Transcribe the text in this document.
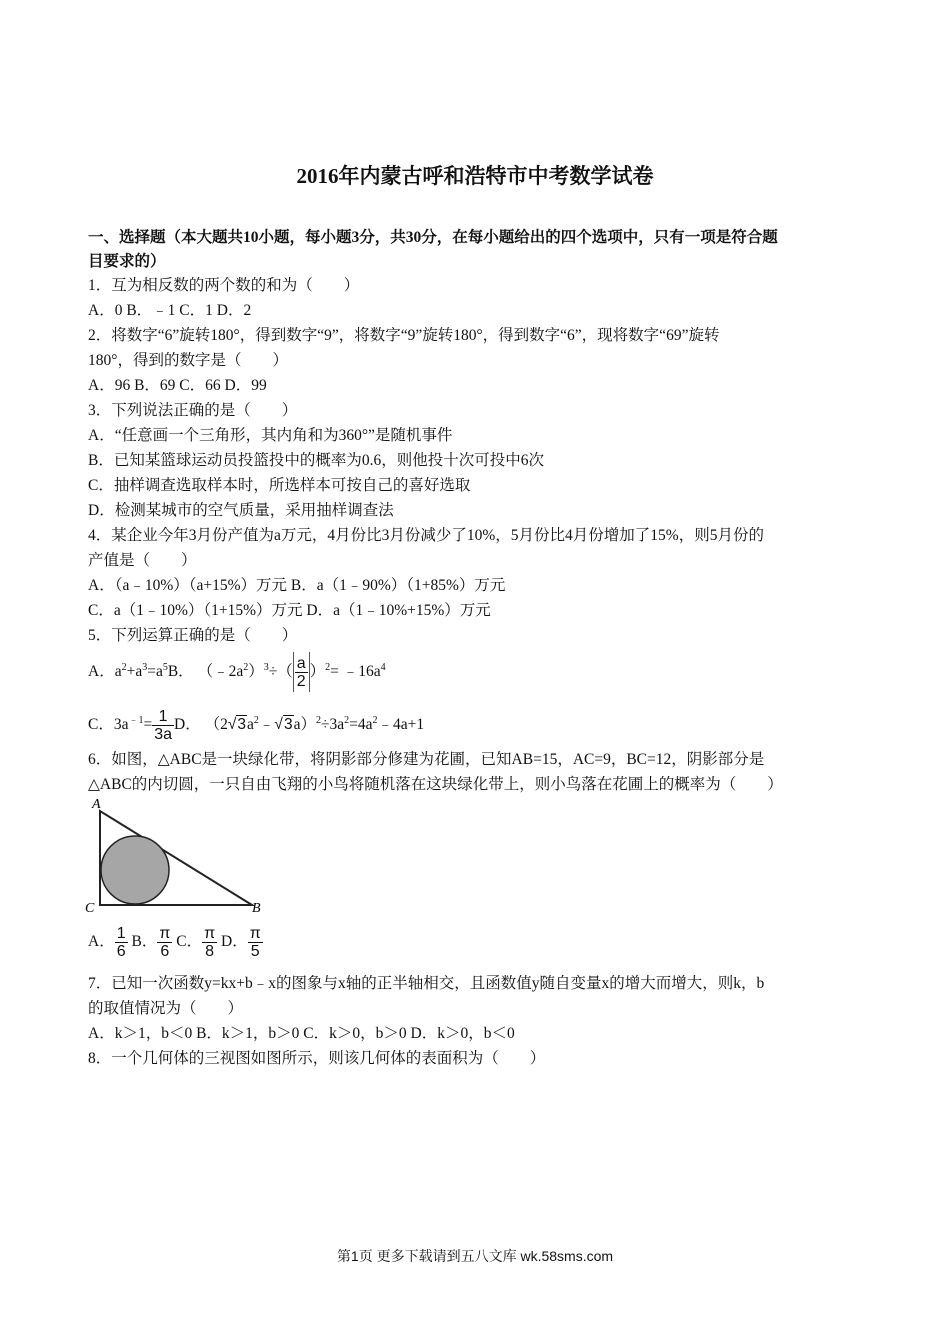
2016年内蒙古呼和浩特市中考数学试卷
一、选择题（本大题共10小题，每小题3分，共30分，在每小题给出的四个选项中，只有一项是符合题
目要求的）
1．互为相反数的两个数的和为（　　）
A．0 B．﹣1 C．1 D．2
2．将数字“6”旋转180°，得到数字“9”，将数字“9”旋转180°，得到数字“6”，现将数字“69”旋转
180°，得到的数字是（　　）
A．96 B．69 C．66 D．99
3．下列说法正确的是（　　）
A．“任意画一个三角形，其内角和为360°”是随机事件
B．已知某篮球运动员投篮投中的概率为0.6，则他投十次可投中6次
C．抽样调查选取样本时，所选样本可按自己的喜好选取
D．检测某城市的空气质量，采用抽样调查法
4．某企业今年3月份产值为a万元，4月份比3月份减少了10%，5月份比4月份增加了15%，则5月份的
产值是（　　）
A．（a﹣10%）（a+15%）万元 B．a（1﹣90%）（1+85%）万元
C．a（1﹣10%）（1+15%）万元 D．a（1﹣10%+15%）万元
5．下列运算正确的是（　　）
A．$a^2+a^3=a^5B$． $(﹣2a^2)^3\div( \frac{a}{2} )^2=$ $﹣16a^4$
C．$3a^{﹣1}= \frac{1}{3a}$ D． $(2√3a^2﹣√3a)^2\div 3a^2=4a^2﹣4a+1$
6．如图，△ABC是一块绿化带，将阴影部分修建为花圃，已知AB=15，AC=9，BC=12，阴影部分是
△ABC的内切圆，一只自由飞翔的小鸟将随机落在这块绿化带上，则小鸟落在花圃上的概率为（　　）
A
C	B
A． $\frac{1}{6}$ B． $\frac{\pi}{6}$ C． $\frac{\pi}{8}$ D． $\frac{\pi}{5}$
7．已知一次函数y=kx+b﹣x的图象与x轴的正半轴相交，且函数值y随自变量x的增大而增大，则k，b
的取值情况为（　　）
A．k＞1，b＜0 B．k＞1，b＞0 C．k＞0，b＞0 D．k＞0，b＜0
8．一个几何体的三视图如图所示，则该几何体的表面积为（　　）
第1页 更多下载请到五八文库 wk.58sms.com
